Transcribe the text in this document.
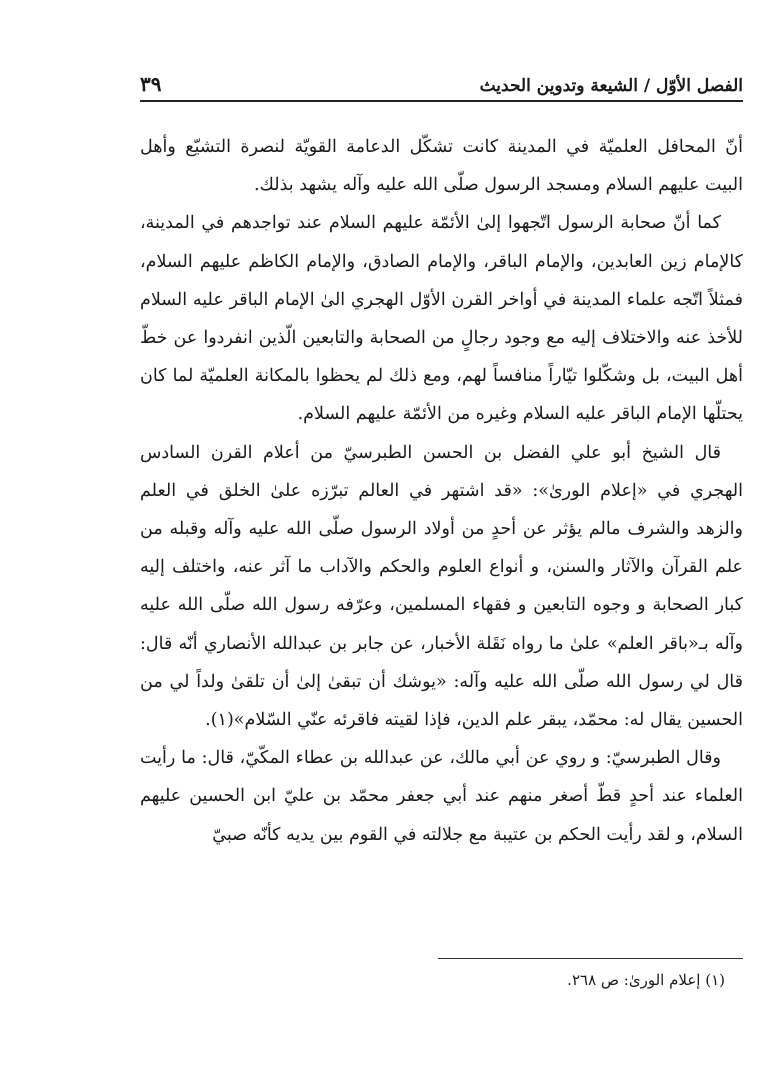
الفصل الأوّل / الشيعة وتدوين الحديث
٣٩

أنّ المحافل العلميّة في المدينة كانت تشكّل الدعامة القويّة لنصرة التشيّع وأهل البيت عليهم السلام ومسجد الرسول صلّى الله عليه وآله يشهد بذلك.

كما أنّ صحابة الرسول اتّجهوا إلىٰ الأئمّة عليهم السلام عند تواجدهم في المدينة، كالإمام زين العابدين، والإمام الباقر، والإمام الصادق، والإمام الكاظم عليهم السلام، فمثلاً اتّجه علماء المدينة في أواخر القرن الأوّل الهجري الىٰ الإمام الباقر عليه السلام للأخذ عنه والاختلاف إليه مع وجود رجالٍ من الصحابة والتابعين الّذين انفردوا عن خطّ أهل البيت، بل وشكّلوا تيّاراً منافساً لهم، ومع ذلك لم يحظوا بالمكانة العلميّة لما كان يحتلّها الإمام الباقر عليه السلام وغيره من الأئمّة عليهم السلام.

قال الشيخ أبو علي الفضل بن الحسن الطبرسيّ من أعلام القرن السادس الهجري في «إعلام الورىٰ»: «قد اشتهر في العالم تبرّزه علىٰ الخلق في العلم والزهد والشرف مالم يؤثر عن أحدٍ من أولاد الرسول صلّى الله عليه وآله وقبله من علم القرآن والآثار والسنن، و أنواع العلوم والحكم والآداب ما آثر عنه، واختلف إليه كبار الصحابة و وجوه التابعين و فقهاء المسلمين، وعرّفه رسول الله صلّى الله عليه وآله بـ«باقر العلم» علىٰ ما رواه نَقَلة الأخبار، عن جابر بن عبدالله الأنصاري أنّه قال: قال لي رسول الله صلّى الله عليه وآله: «يوشك أن تبقىٰ إلىٰ أن تلقىٰ ولداً لي من الحسين يقال له: محمّد، يبقر علم الدين، فإذا لقيته فاقرئه عنّي السّلام»(١).

وقال الطبرسيّ: و روي عن أبي مالك، عن عبدالله بن عطاء المكّيّ، قال: ما رأيت العلماء عند أحدٍ قطّ أصغر منهم عند أبي جعفر محمّد بن عليّ ابن الحسين عليهم السلام، و لقد رأيت الحكم بن عتيبة مع جلالته في القوم بين يديه كأنّه صبيّ

(١) إعلام الورىٰ: ص ٢٦٨.
